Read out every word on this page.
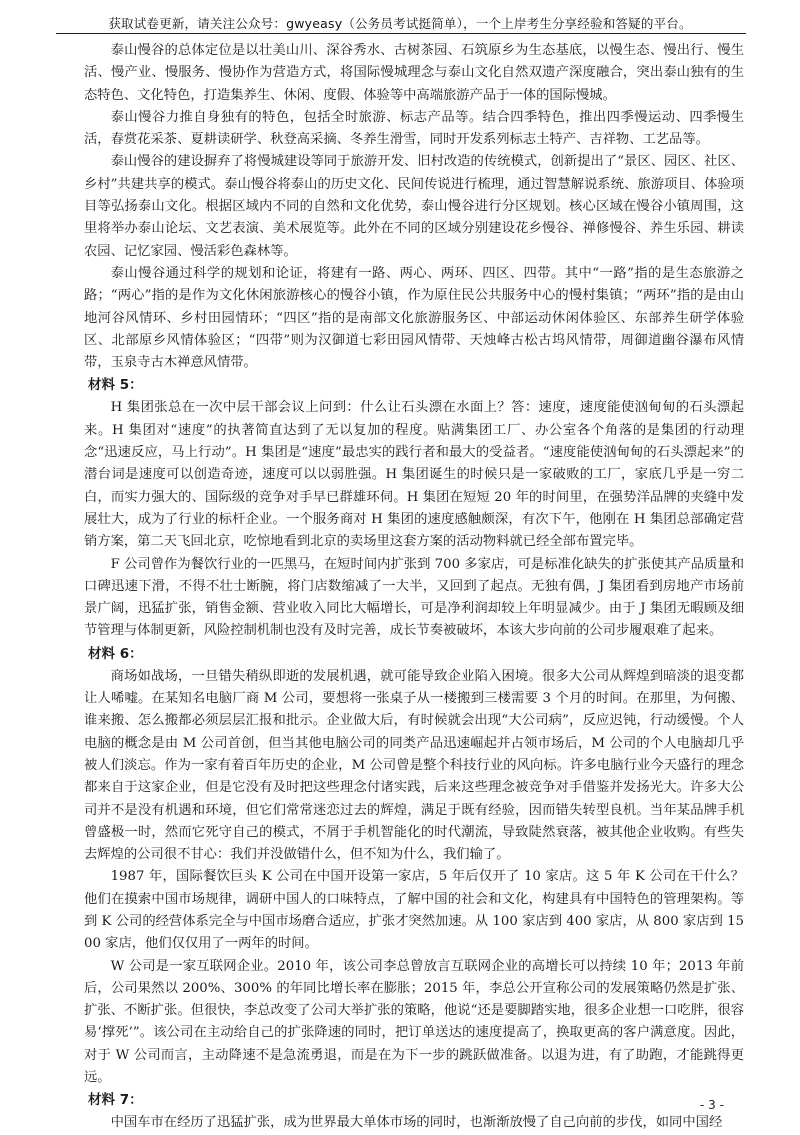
获取试卷更新，请关注公众号：gwyeasy（公务员考试挺简单），一个上岸考生分享经验和答疑的平台。

泰山慢谷的总体定位是以壮美山川、深谷秀水、古树茶园、石筑原乡为生态基底，以慢生态、慢出行、慢生活、慢产业、慢服务、慢协作为营造方式，将国际慢城理念与泰山文化自然双遗产深度融合，突出泰山独有的生态特色、文化特色，打造集养生、休闲、度假、体验等中高端旅游产品于一体的国际慢城。

泰山慢谷力推自身独有的特色，包括全时旅游、标志产品等。结合四季特色，推出四季慢运动、四季慢生活，春赏花采茶、夏耕读研学、秋登高采摘、冬养生滑雪，同时开发系列标志土特产、吉祥物、工艺品等。

泰山慢谷的建设摒弃了将慢城建设等同于旅游开发、旧村改造的传统模式，创新提出了“景区、园区、社区、乡村”共建共享的模式。泰山慢谷将泰山的历史文化、民间传说进行梳理，通过智慧解说系统、旅游项目、体验项目等弘扬泰山文化。根据区域内不同的自然和文化优势，泰山慢谷进行分区规划。核心区域在慢谷小镇周围，这里将举办泰山论坛、文艺表演、美术展览等。此外在不同的区域分别建设花乡慢谷、禅修慢谷、养生乐园、耕读农园、记忆家园、慢活彩色森林等。

泰山慢谷通过科学的规划和论证，将建有一路、两心、两环、四区、四带。其中“一路”指的是生态旅游之路；“两心”指的是作为文化休闲旅游核心的慢谷小镇，作为原住民公共服务中心的慢村集镇；“两环”指的是由山地河谷风情环、乡村田园情环；“四区”指的是南部文化旅游服务区、中部运动休闲体验区、东部养生研学体验区、北部原乡风情体验区；“四带”则为汉御道七彩田园风情带、天烛峰古松古坞风情带，周御道幽谷瀑布风情带，玉泉寺古木禅意风情带。

材料 5：

H 集团张总在一次中层干部会议上问到：什么让石头漂在水面上？答：速度，速度能使汹甸甸的石头漂起来。H 集团对“速度”的执著简直达到了无以复加的程度。贴满集团工厂、办公室各个角落的是集团的行动理念“迅速反应，马上行动”。H 集团是“速度”最忠实的践行者和最大的受益者。“速度能使汹甸甸的石头漂起来”的潜台词是速度可以创造奇迹，速度可以以弱胜强。H 集团诞生的时候只是一家破败的工厂，家底几乎是一穷二白，而实力强大的、国际级的竞争对手早已群雄环伺。H 集团在短短 20 年的时间里，在强势洋品牌的夹缝中发展壮大，成为了行业的标杆企业。一个服务商对 H 集团的速度感触颇深，有次下午，他刚在 H 集团总部确定营销方案，第二天飞回北京，吃惊地看到北京的卖场里这套方案的活动物料就已经全部布置完毕。

F 公司曾作为餐饮行业的一匹黑马，在短时间内扩张到 700 多家店，可是标准化缺失的扩张使其产品质量和口碑迅速下滑，不得不壮士断腕，将门店数缩减了一大半，又回到了起点。无独有偶，J 集团看到房地产市场前景广阔，迅猛扩张，销售金额、营业收入同比大幅增长，可是净利润却较上年明显减少。由于 J 集团无暇顾及细节管理与体制更新，风险控制机制也没有及时完善，成长节奏被破坏，本该大步向前的公司步履艰难了起来。

材料 6：

商场如战场，一旦错失稍纵即逝的发展机遇，就可能导致企业陷入困境。很多大公司从辉煌到暗淡的退变都让人唏嘘。在某知名电脑厂商 M 公司，要想将一张桌子从一楼搬到三楼需要 3 个月的时间。在那里，为何搬、谁来搬、怎么搬都必须层层汇报和批示。企业做大后，有时候就会出现“大公司病”，反应迟钝，行动缓慢。个人电脑的概念是由 M 公司首创，但当其他电脑公司的同类产品迅速崛起并占领市场后，M 公司的个人电脑却几乎被人们淡忘。作为一家有着百年历史的企业，M 公司曾是整个科技行业的风向标。许多电脑行业今天盛行的理念都来自于这家企业，但是它没有及时把这些理念付诸实践，后来这些理念被竞争对手借鉴并发扬光大。许多大公司并不是没有机遇和环境，但它们常常迷恋过去的辉煌，满足于既有经验，因而错失转型良机。当年某品牌手机曾盛极一时，然而它死守自己的模式，不屑于手机智能化的时代潮流，导致陡然衰落，被其他企业收购。有些失去辉煌的公司很不甘心：我们并没做错什么，但不知为什么，我们输了。

1987 年，国际餐饮巨头 K 公司在中国开设第一家店，5 年后仅开了 10 家店。这 5 年 K 公司在干什么？他们在摸索中国市场规律，调研中国人的口味特点，了解中国的社会和文化，构建具有中国特色的管理架构。等到 K 公司的经营体系完全与中国市场磨合适应，扩张才突然加速。从 100 家店到 400 家店，从 800 家店到 1500 家店，他们仅仅用了一两年的时间。

W 公司是一家互联网企业。2010 年，该公司李总曾放言互联网企业的高增长可以持续 10 年；2013 年前后，公司果然以 200%、300% 的年同比增长率在膨胀；2015 年，李总公开宣称公司的发展策略仍然是扩张、扩张、不断扩张。但很快，李总改变了公司大举扩张的策略，他说“还是要脚踏实地，很多企业想一口吃胖，很容易‘撑死’”。该公司在主动给自己的扩张降速的同时，把订单送达的速度提高了，换取更高的客户满意度。因此，对于 W 公司而言，主动降速不是急流勇退，而是在为下一步的跳跃做准备。以退为进，有了助跑，才能跳得更远。

材料 7：

中国车市在经历了迅猛扩张，成为世界最大单体市场的同时，也渐渐放慢了自己向前的步伐，如同中国经

- 3 -
